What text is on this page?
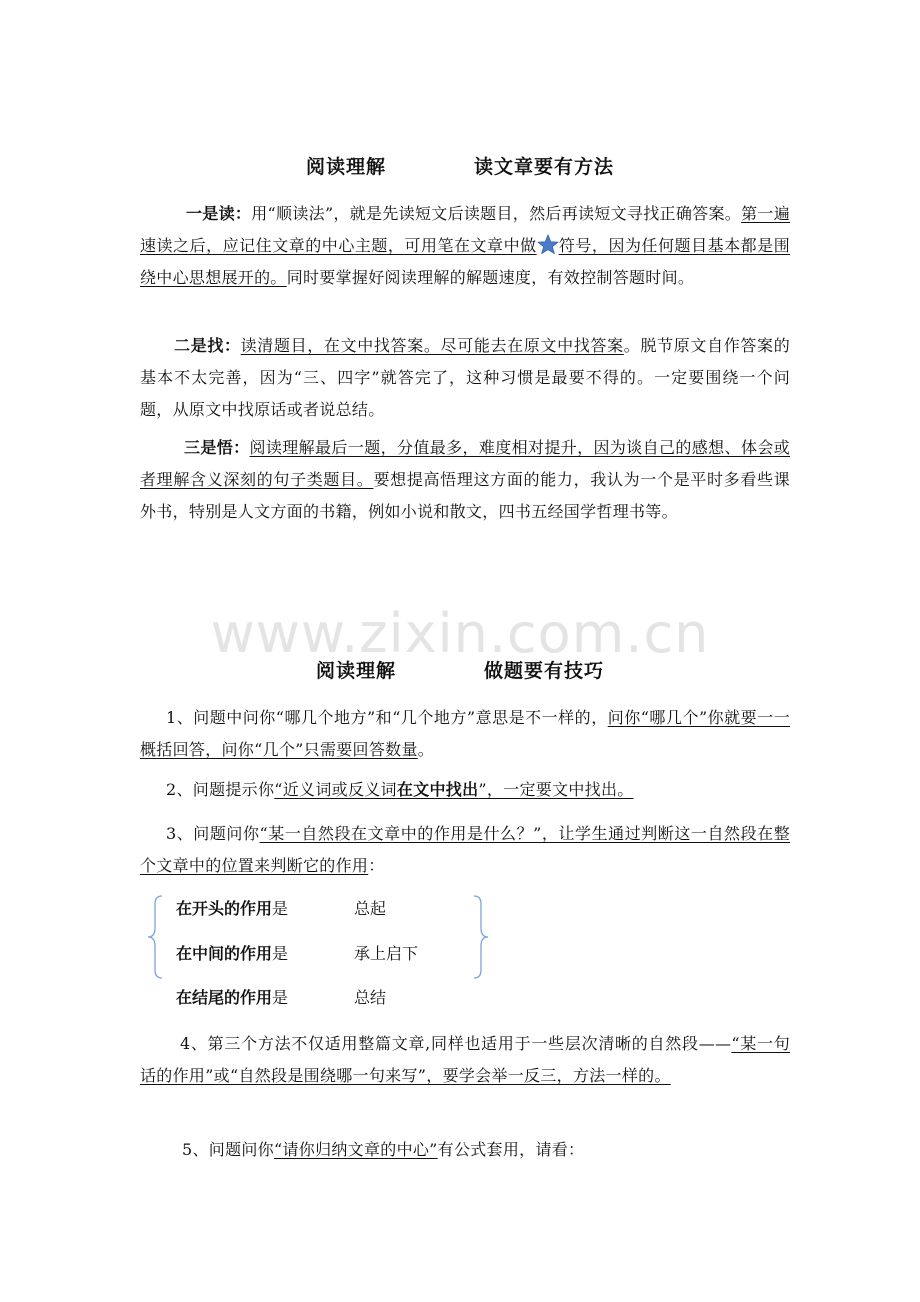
阅读理解	读文章要有方法
一是读：用“顺读法”，就是先读短文后读题目，然后再读短文寻找正确答案。第一遍速读之后，应记住文章的中心主题，可用笔在文章中做 符号，因为任何题目基本都是围绕中心思想展开的。同时要掌握好阅读理解的解题速度，有效控制答题时间。
二是找：读清题目，在文中找答案。尽可能去在原文中找答案。脱节原文自作答案的基本不太完善，因为“三、四字”就答完了，这种习惯是最要不得的。一定要围绕一个问题，从原文中找原话或者说总结。
三是悟：阅读理解最后一题，分值最多，难度相对提升，因为谈自己的感想、体会或者理解含义深刻的句子类题目。要想提高悟理这方面的能力，我认为一个是平时多看些课外书，特别是人文方面的书籍，例如小说和散文，四书五经国学哲理书等。
www.zixin.com.cn
阅读理解	做题要有技巧
1、问题中问你“哪几个地方”和“几个地方”意思是不一样的，问你“哪几个”你就要一一概括回答，问你“几个”只需要回答数量。
2、问题提示你“近义词或反义词在文中找出”，一定要文中找出。
3、问题问你“某一自然段在文章中的作用是什么？”，让学生通过判断这一自然段在整个文章中的位置来判断它的作用：
在开头的作用是	总起
在中间的作用是	承上启下
在结尾的作用是	总结
4、第三个方法不仅适用整篇文章,同样也适用于一些层次清晰的自然段——“某一句话的作用”或“自然段是围绕哪一句来写”，要学会举一反三，方法一样的。
5、问题问你“请你归纳文章的中心”有公式套用，请看：
